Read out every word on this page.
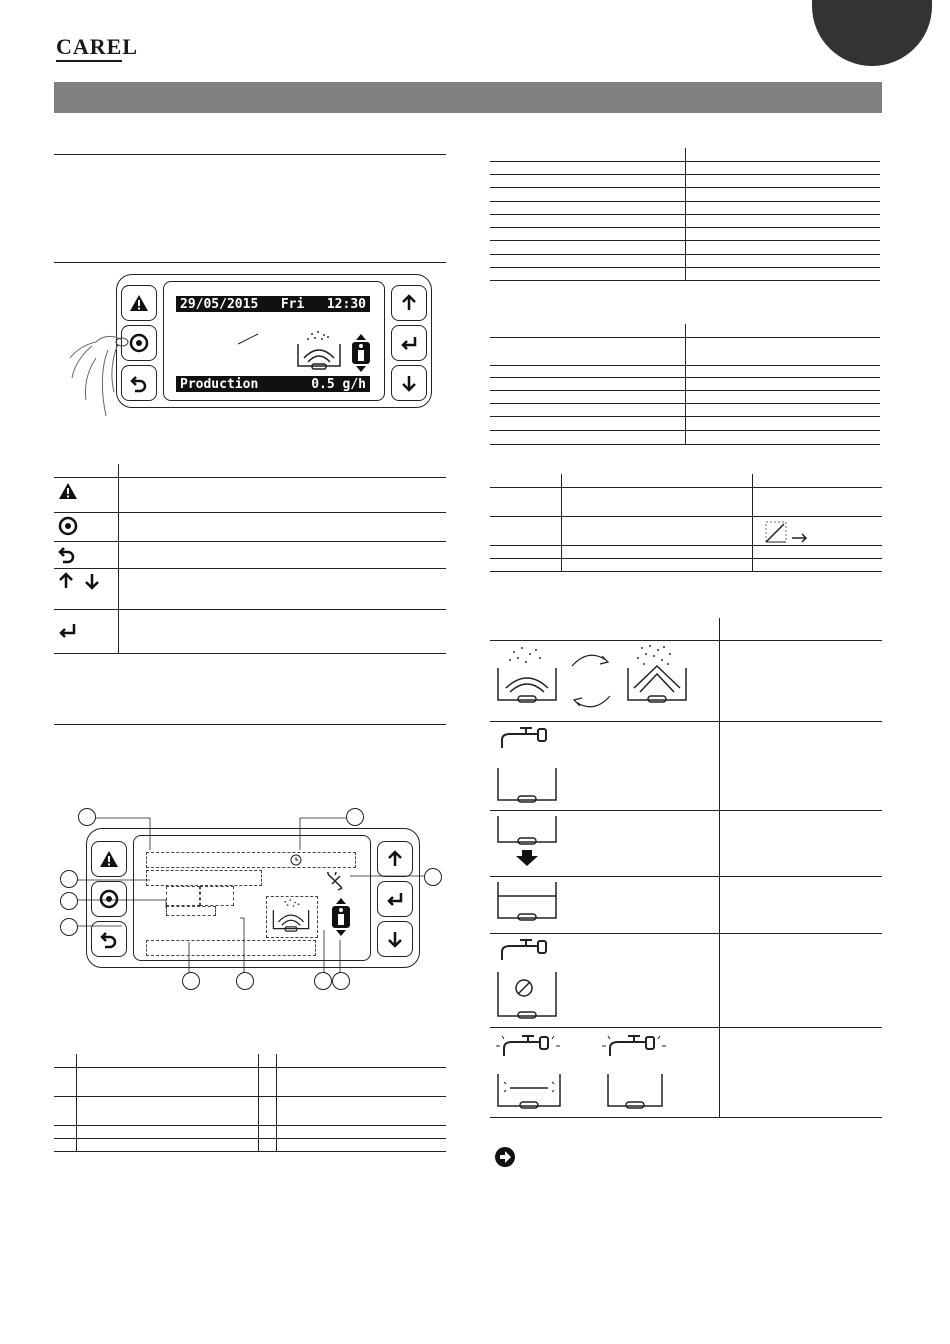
CAREL
29/05/2015 Fri 12:30
Production	0.5 g/h
